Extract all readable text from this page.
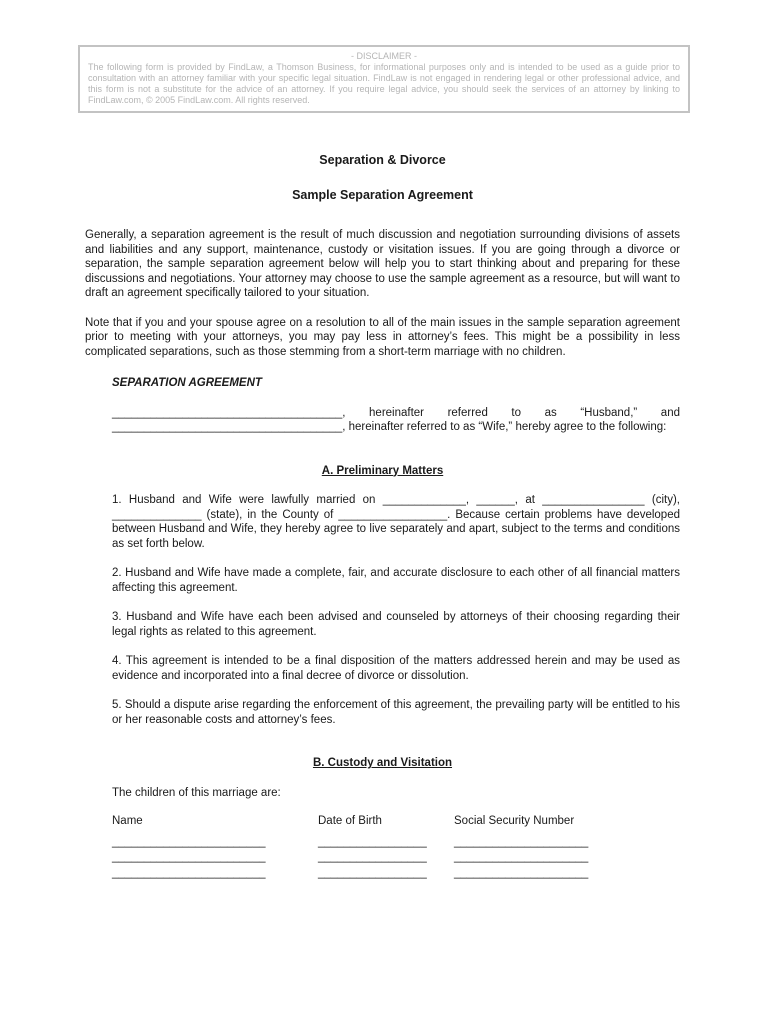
- DISCLAIMER -
The following form is provided by FindLaw, a Thomson Business, for informational purposes only and is intended to be used as a guide prior to consultation with an attorney familiar with your specific legal situation. FindLaw is not engaged in rendering legal or other professional advice, and this form is not a substitute for the advice of an attorney. If you require legal advice, you should seek the services of an attorney by linking to FindLaw.com, © 2005 FindLaw.com. All rights reserved.
Separation & Divorce
Sample Separation Agreement

Generally, a separation agreement is the result of much discussion and negotiation surrounding divisions of assets and liabilities and any support, maintenance, custody or visitation issues. If you are going through a divorce or separation, the sample separation agreement below will help you to start thinking about and preparing for these discussions and negotiations. Your attorney may choose to use the sample agreement as a resource, but will want to draft an agreement specifically tailored to your situation.

Note that if you and your spouse agree on a resolution to all of the main issues in the sample separation agreement prior to meeting with your attorneys, you may pay less in attorney’s fees. This might be a possibility in less complicated separations, such as those stemming from a short-term marriage with no children.

SEPARATION AGREEMENT

____________________________________, hereinafter referred to as “Husband,” and ____________________________________, hereinafter referred to as “Wife,” hereby agree to the following:

A. Preliminary Matters

1. Husband and Wife were lawfully married on _____________, ______, at ________________ (city), ______________ (state), in the County of _________________. Because certain problems have developed between Husband and Wife, they hereby agree to live separately and apart, subject to the terms and conditions as set forth below.

2. Husband and Wife have made a complete, fair, and accurate disclosure to each other of all financial matters affecting this agreement.

3. Husband and Wife have each been advised and counseled by attorneys of their choosing regarding their legal rights as related to this agreement.

4. This agreement is intended to be a final disposition of the matters addressed herein and may be used as evidence and incorporated into a final decree of divorce or dissolution.

5. Should a dispute arise regarding the enforcement of this agreement, the prevailing party will be entitled to his or her reasonable costs and attorney’s fees.

B. Custody and Visitation

The children of this marriage are:

Name	Date of Birth	Social Security Number
________________________	_________________	_____________________
________________________	_________________	_____________________
________________________	_________________	_____________________
